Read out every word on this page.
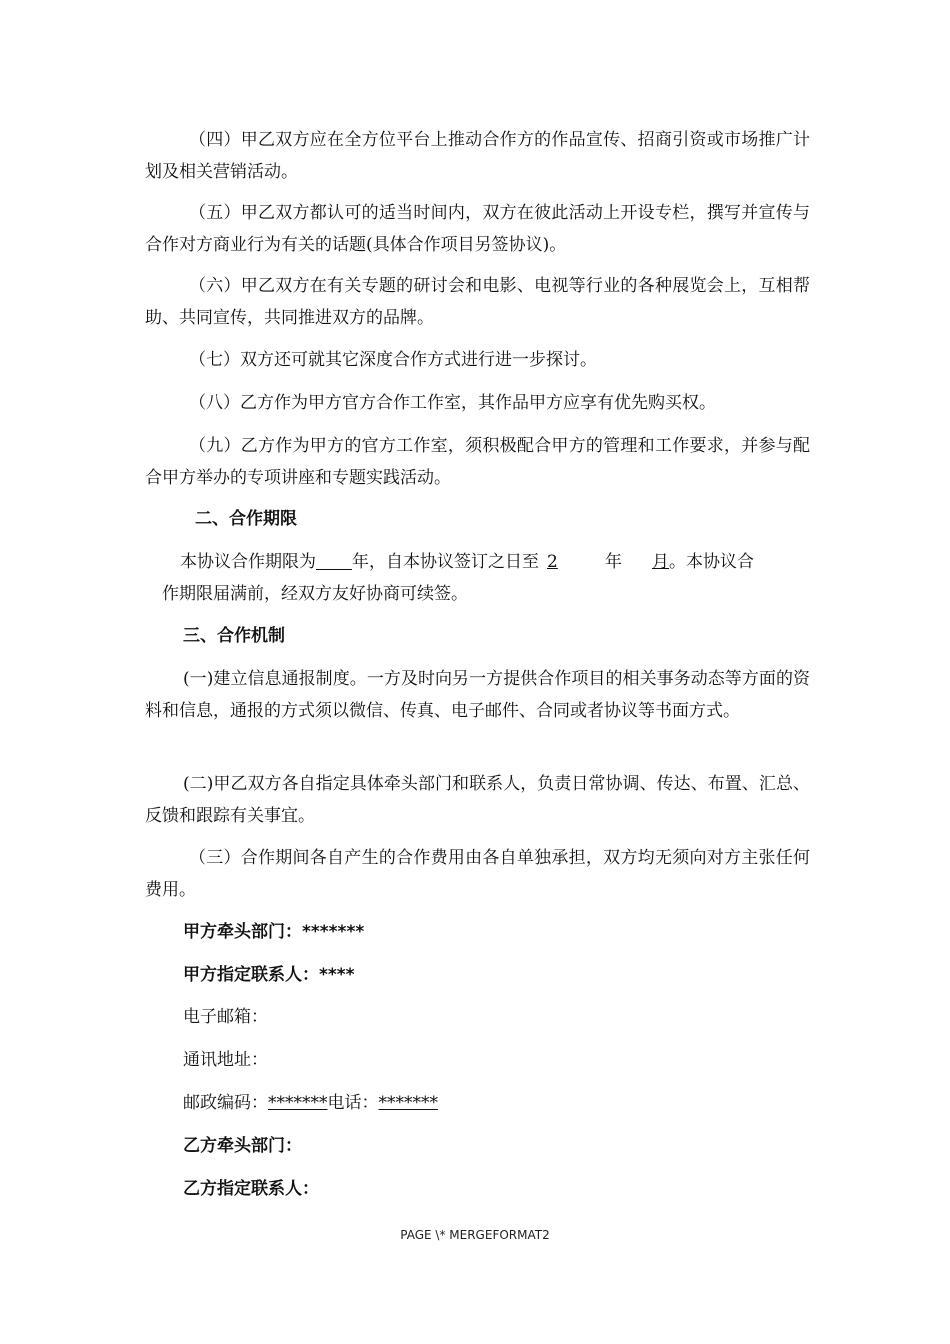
（四）甲乙双方应在全方位平台上推动合作方的作品宣传、招商引资或市场推广计划及相关营销活动。

（五）甲乙双方都认可的适当时间内，双方在彼此活动上开设专栏，撰写并宣传与合作对方商业行为有关的话题(具体合作项目另签协议)。

（六）甲乙双方在有关专题的研讨会和电影、电视等行业的各种展览会上，互相帮助、共同宣传，共同推进双方的品牌。

（七）双方还可就其它深度合作方式进行进一步探讨。

（八）乙方作为甲方官方合作工作室，其作品甲方应享有优先购买权。

（九）乙方作为甲方的官方工作室，须积极配合甲方的管理和工作要求，并参与配合甲方举办的专项讲座和专题实践活动。

二、合作期限

本协议合作期限为 年，自本协议签订之日至 2	年 月。本协议合
作期限届满前，经双方友好协商可续签。

三、合作机制

(一)建立信息通报制度。一方及时向另一方提供合作项目的相关事务动态等方面的资料和信息，通报的方式须以微信、传真、电子邮件、合同或者协议等书面方式。

(二)甲乙双方各自指定具体牵头部门和联系人，负责日常协调、传达、布置、汇总、反馈和跟踪有关事宜。

（三）合作期间各自产生的合作费用由各自单独承担，双方均无须向对方主张任何费用。

甲方牵头部门：*******
甲方指定联系人：****
电子邮箱：
通讯地址：
邮政编码：*******电话：*******
乙方牵头部门：
乙方指定联系人：
PAGE \* MERGEFORMAT2
